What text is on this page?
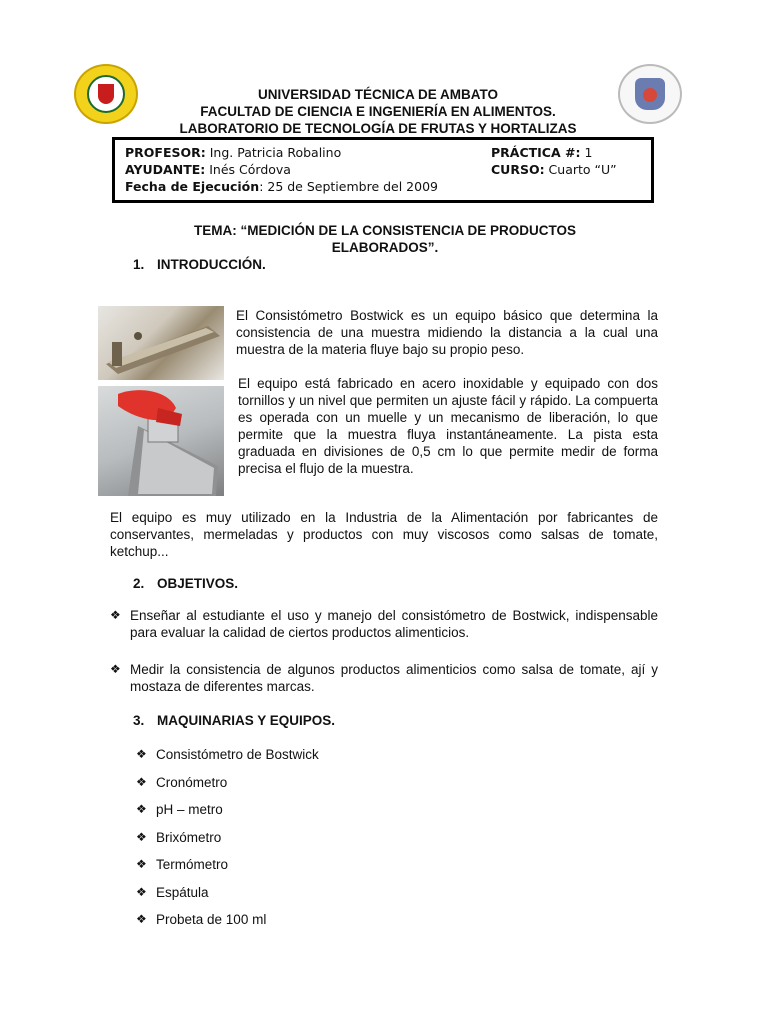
UNIVERSIDAD TÉCNICA DE AMBATO
FACULTAD DE CIENCIA E INGENIERÍA EN ALIMENTOS.
LABORATORIO DE TECNOLOGÍA DE FRUTAS Y HORTALIZAS
PROFESOR: Ing. Patricia Robalino	PRÁCTICA #: 1
AYUDANTE: Inés Córdova	CURSO: Cuarto “U”
Fecha de Ejecución: 25 de Septiembre del 2009
TEMA: “MEDICIÓN DE LA CONSISTENCIA DE PRODUCTOS
ELABORADOS”.
1. INTRODUCCIÓN.
El Consistómetro Bostwick es un equipo básico que determina la consistencia de una muestra midiendo la distancia a la cual una muestra de la materia fluye bajo su propio peso.
El equipo está fabricado en acero inoxidable y equipado con dos tornillos y un nivel que permiten un ajuste fácil y rápido. La compuerta es operada con un muelle y un mecanismo de liberación, lo que permite que la muestra fluya instantáneamente. La pista esta graduada en divisiones de 0,5 cm lo que permite medir de forma precisa el flujo de la muestra.
El equipo es muy utilizado en la Industria de la Alimentación por fabricantes de conservantes, mermeladas y productos con muy viscosos como salsas de tomate, ketchup...
2. OBJETIVOS.
❖ Enseñar al estudiante el uso y manejo del consistómetro de Bostwick, indispensable para evaluar la calidad de ciertos productos alimenticios.
❖ Medir la consistencia de algunos productos alimenticios como salsa de tomate, ají y mostaza de diferentes marcas.
3. MAQUINARIAS Y EQUIPOS.
❖ Consistómetro de Bostwick
❖ Cronómetro
❖ pH – metro
❖ Brixómetro
❖ Termómetro
❖ Espátula
❖ Probeta de 100 ml
